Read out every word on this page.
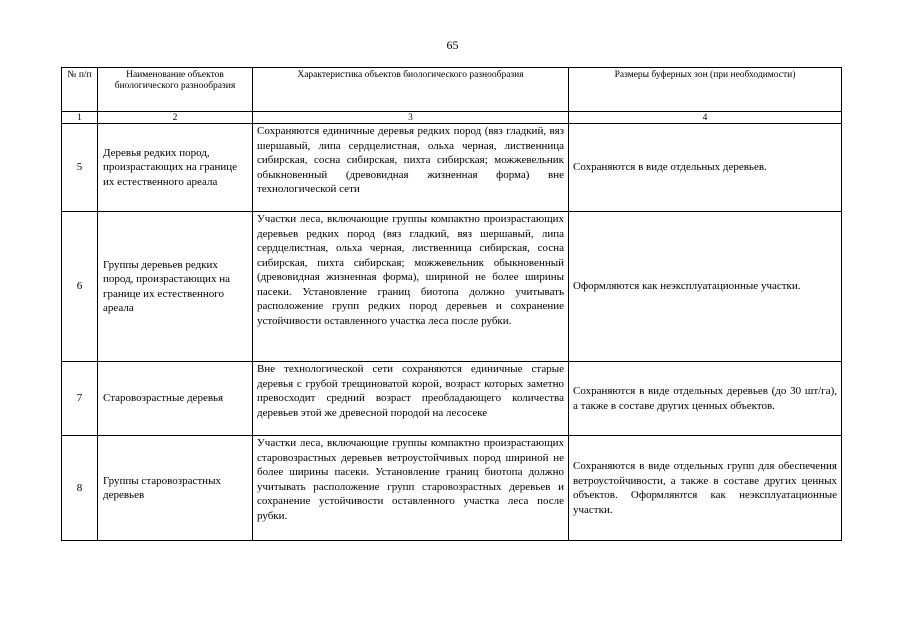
65
№ п/п	Наименование объектов биологического разнообразия	Характеристика объектов биологического разнообразия	Размеры буферных зон (при необходимости)
1	2	3	4
5	Деревья редких пород, произрастающих на границе их естественного ареала	Сохраняются единичные деревья редких пород (вяз гладкий, вяз шершавый, липа сердцелистная, ольха черная, лиственница сибирская, сосна сибирская, пихта сибирская; можжевельник обыкновенный (древовидная жизненная форма) вне технологической сети	Сохраняются в виде отдельных деревьев.
6	Группы деревьев редких пород, произрастающих на границе их естественного ареала	Участки леса, включающие группы компактно произрастающих деревьев редких пород (вяз гладкий, вяз шершавый, липа сердцелистная, ольха черная, лиственница сибирская, сосна сибирская, пихта сибирская; можжевельник обыкновенный (древовидная жизненная форма), шириной не более ширины пасеки. Установление границ биотопа должно учитывать расположение групп редких пород деревьев и сохранение устойчивости оставленного участка леса после рубки.	Оформляются как неэксплуатационные участки.
7	Старовозрастные деревья	Вне технологической сети сохраняются единичные старые деревья с грубой трещиноватой корой, возраст которых заметно превосходит средний возраст преобладающего количества деревьев этой же древесной породой на лесосеке	Сохраняются в виде отдельных деревьев (до 30 шт/га), а также в составе других ценных объектов.
8	Группы старовозрастных деревьев	Участки леса, включающие группы компактно произрастающих старовозрастных деревьев ветроустойчивых пород шириной не более ширины пасеки. Установление границ биотопа должно учитывать расположение групп старовозрастных деревьев и сохранение устойчивости оставленного участка леса после рубки.	Сохраняются в виде отдельных групп для обеспечения ветроустойчивости, а также в составе других ценных объектов. Оформляются как неэксплуатационные участки.
